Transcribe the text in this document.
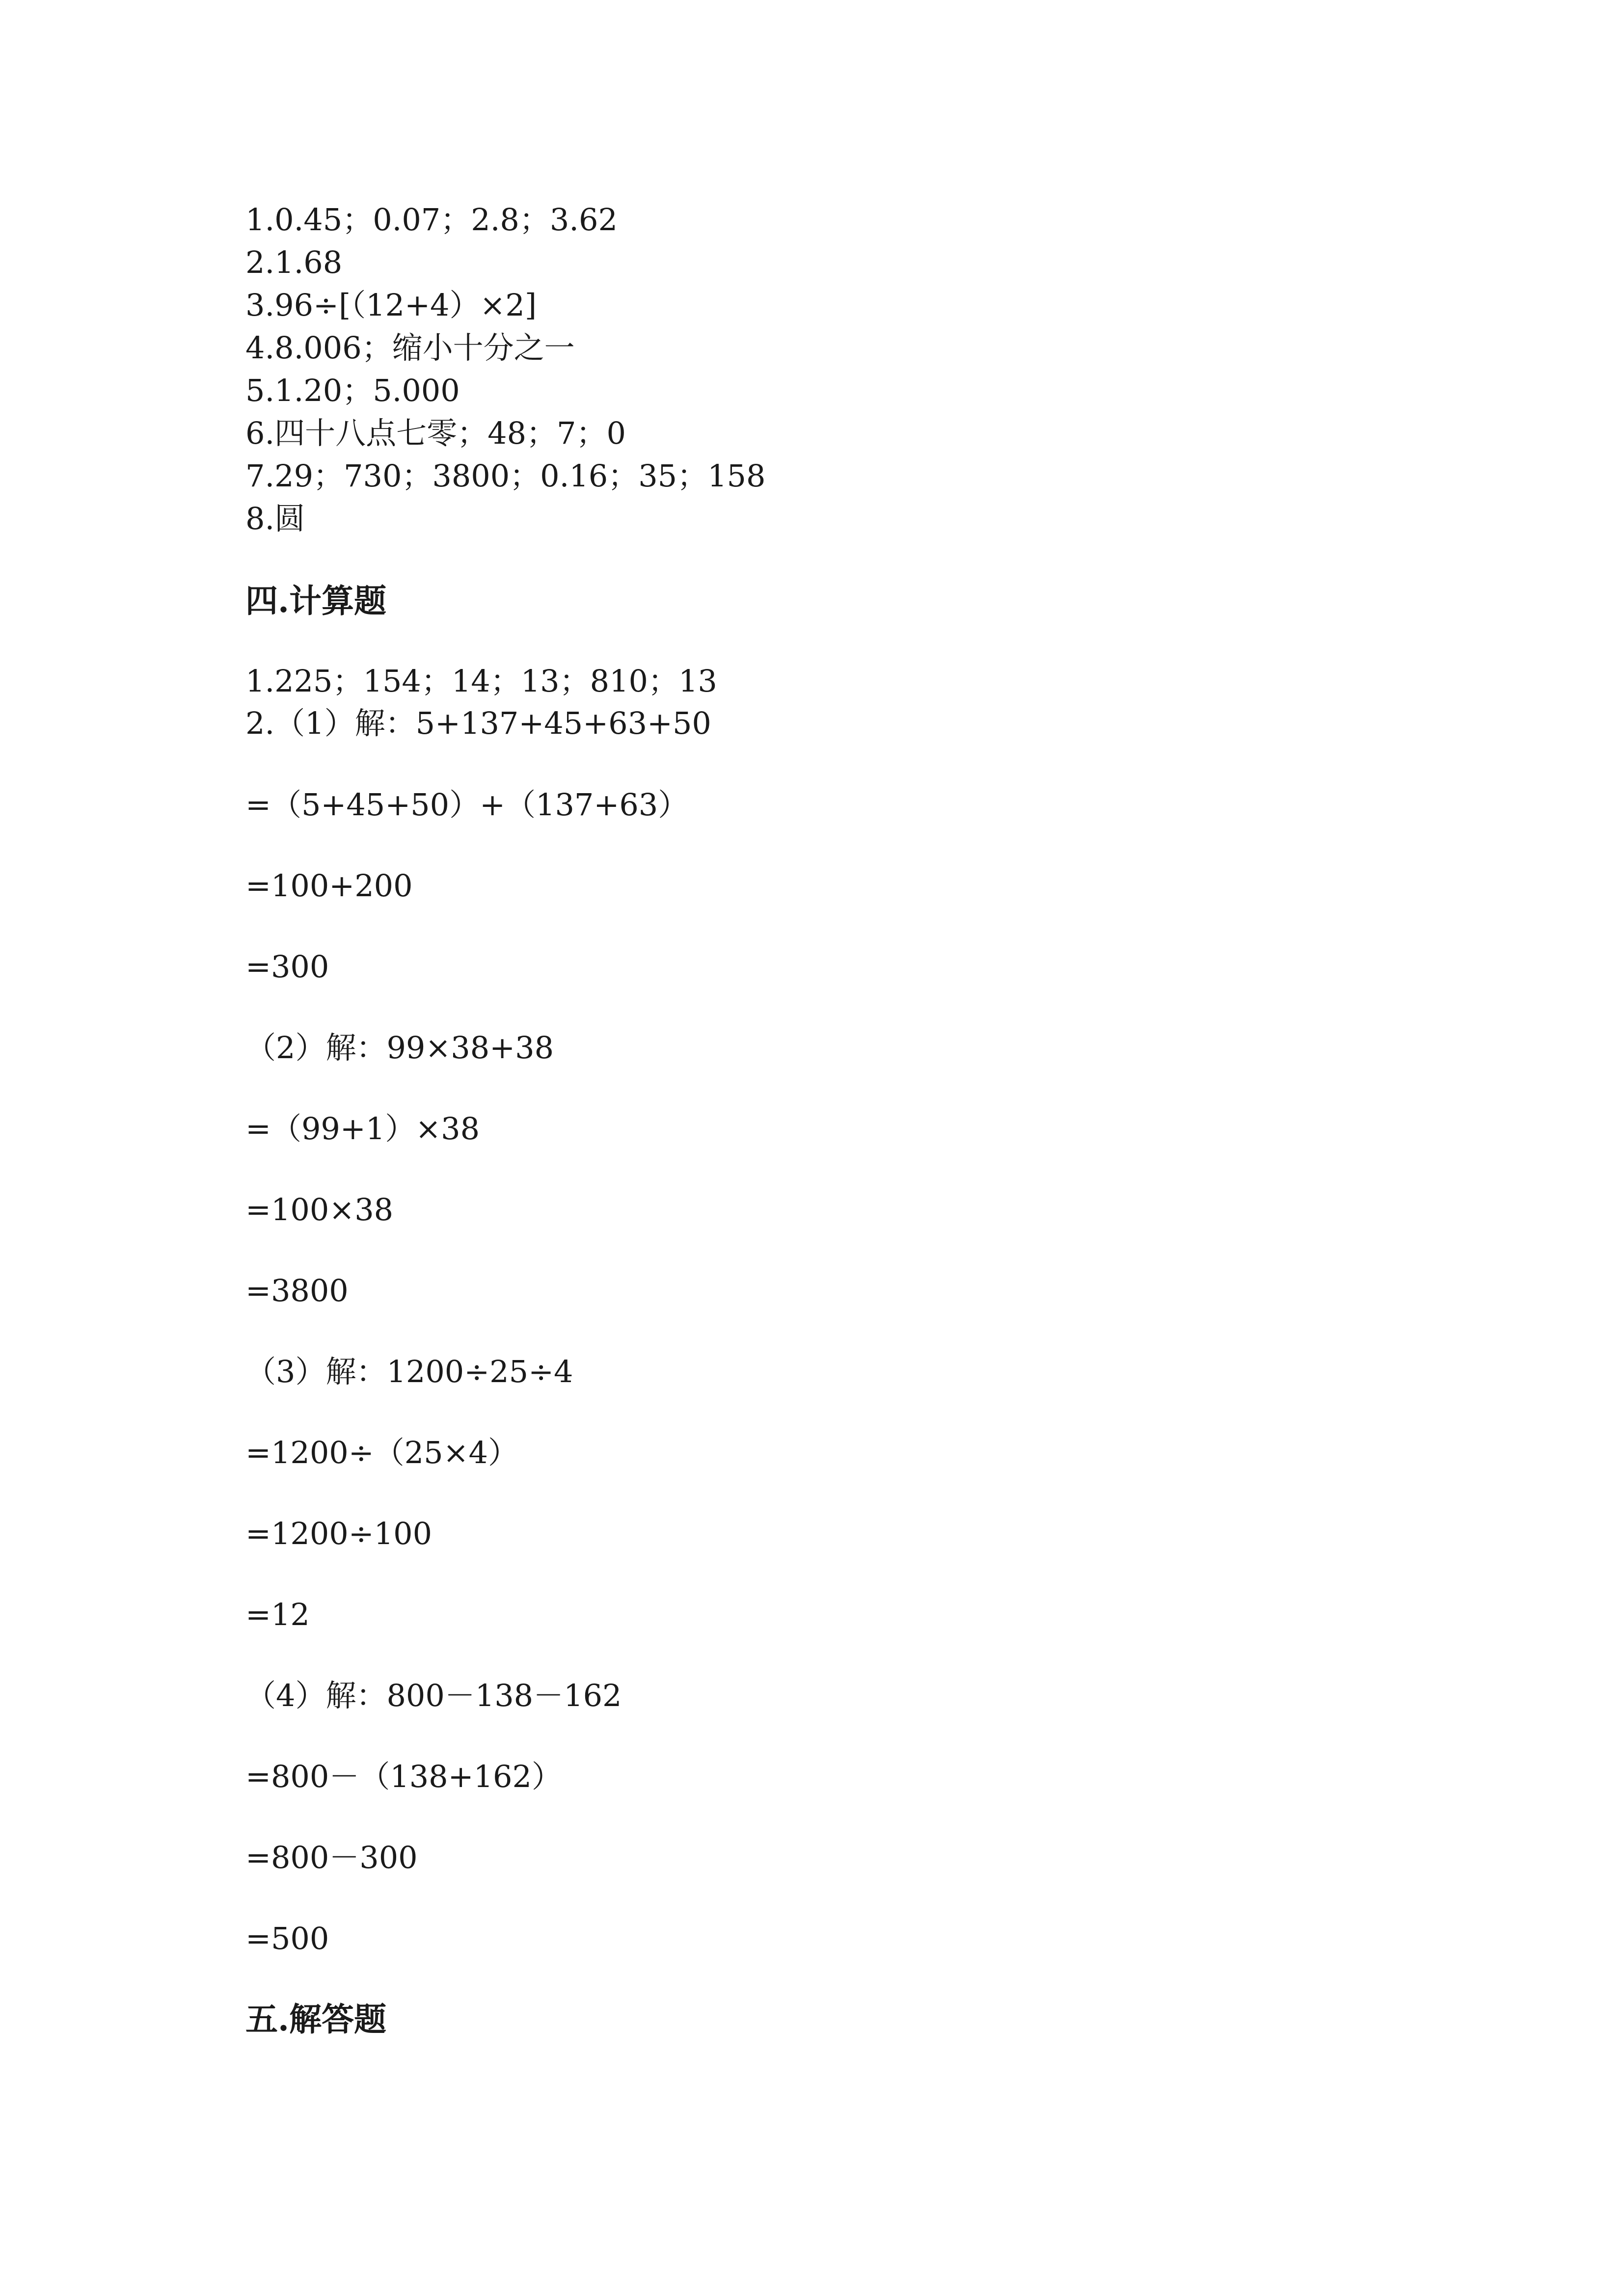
1.0.45；0.07；2.8；3.62
2.1.68
3.96÷[（12+4）×2]
4.8.006；缩小十分之一
5.1.20；5.000
6.四十八点七零；48；7；0
7.29；730；3800；0.16；35；158
8.圆
四.计算题
1.225；154；14；13；810；13
2.（1）解：5+137+45+63+50
=（5+45+50）+（137+63）
=100+200
=300
（2）解：99×38+38
=（99+1）×38
=100×38
=3800
（3）解：1200÷25÷4
=1200÷（25×4）
=1200÷100
=12
（4）解：800－138－162
=800－（138+162）
=800－300
=500
五.解答题
